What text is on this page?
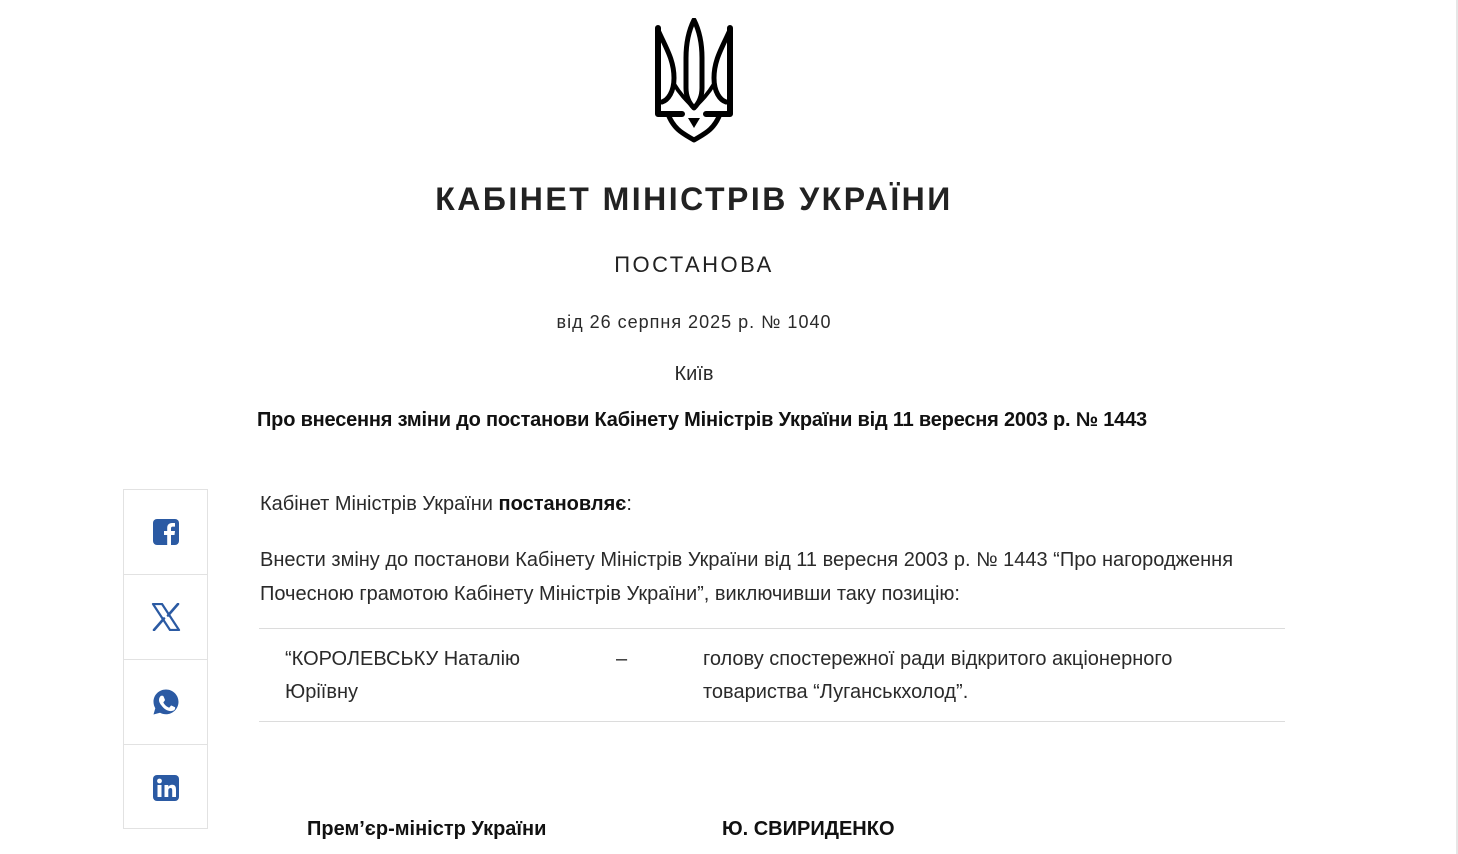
КАБІНЕТ МІНІСТРІВ УКРАЇНИ
ПОСТАНОВА
від 26 серпня 2025 р. № 1040
Київ
Про внесення зміни до постанови Кабінету Міністрів України від 11 вересня 2003 р. № 1443
Кабінет Міністрів України постановляє:
Внести зміну до постанови Кабінету Міністрів України від 11 вересня 2003 р. № 1443 “Про нагородження Почесною грамотою Кабінету Міністрів України”, виключивши таку позицію:
“КОРОЛЕВСЬКУ Наталію Юріївну
–	голову спостережної ради відкритого акціонерного товариства “Луганськхолод”.
Прем’єр-міністр України	Ю. СВИРИДЕНКО
